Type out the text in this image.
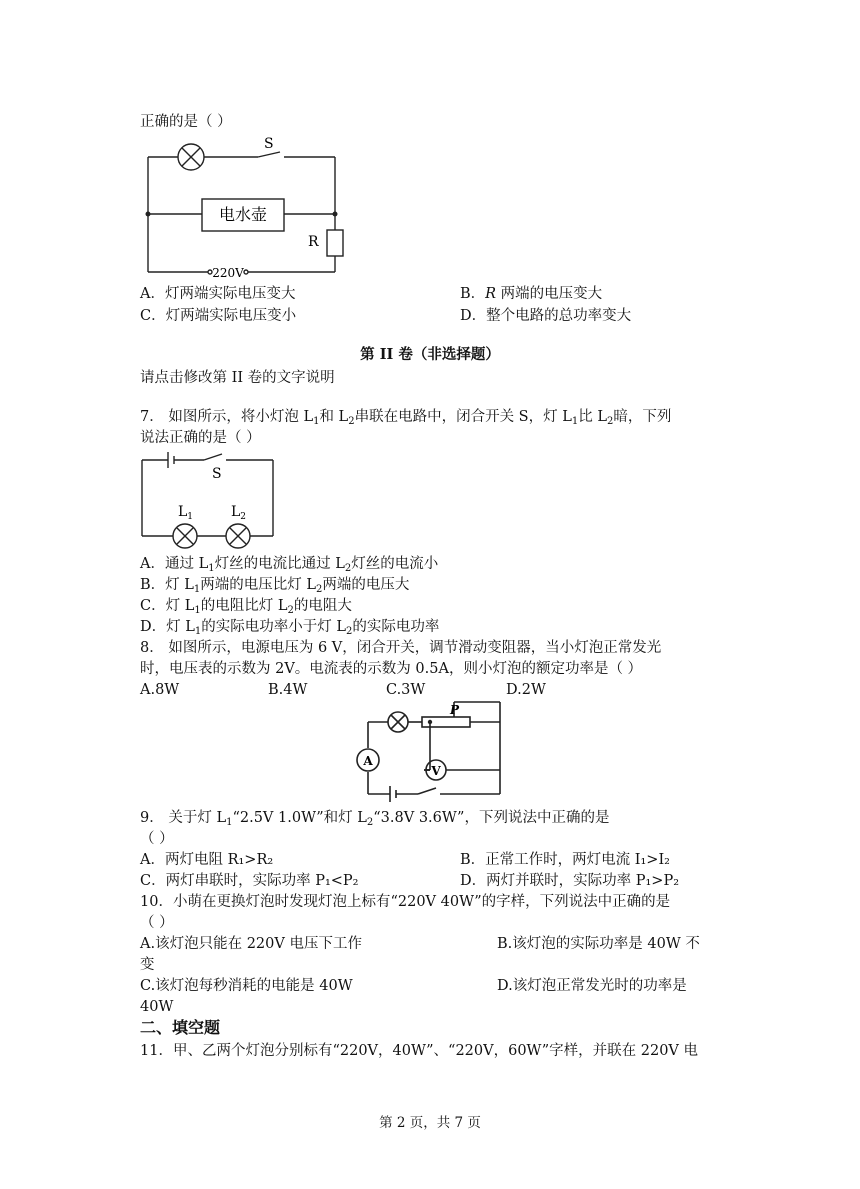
正确的是（ ）
S
电水壶
R
220V
A．灯两端实际电压变大	B．R 两端的电压变大
C．灯两端实际电压变小	D．整个电路的总功率变大
第 II 卷（非选择题）
请点击修改第 II 卷的文字说明
7． 如图所示，将小灯泡 $L_1$和 $L_2$串联在电路中，闭合开关 S，灯 $L_1$比 $L_2$暗，下列
说法正确的是（ ）
S
$L_1$	$L_2$
A．通过 $L_1$灯丝的电流比通过 $L_2$灯丝的电流小
B．灯 $L_1$两端的电压比灯 $L_2$两端的电压大
C．灯 $L_1$的电阻比灯 $L_2$的电阻大
D．灯 $L_1$的实际电功率小于灯 $L_2$的实际电功率
8． 如图所示，电源电压为 6 V，闭合开关，调节滑动变阻器，当小灯泡正常发光
时，电压表的示数为 2V。电流表的示数为 0.5A，则小灯泡的额定功率是（ ）
A.8W	B.4W	C.3W	D.2W
A
V
P
9． 关于灯 $L_1“2.5V$ 1.0W”和灯 $L_2“3.8V$ 3.6W”，下列说法中正确的是
（ ）
A．两灯电阻 R₁>R₂	B．正常工作时，两灯电流 I₁>I₂
C．两灯串联时，实际功率 P₁<P₂	D．两灯并联时，实际功率 P₁>P₂
10．小萌在更换灯泡时发现灯泡上标有“220V 40W”的字样，下列说法中正确的是
（ ）
A.该灯泡只能在 220V 电压下工作	B.该灯泡的实际功率是 40W 不
变
C.该灯泡每秒消耗的电能是 40W	D.该灯泡正常发光时的功率是
40W
二、填空题
11．甲、乙两个灯泡分别标有“220V，40W”、“220V，60W”字样，并联在 220V 电
第 2 页，共 7 页
